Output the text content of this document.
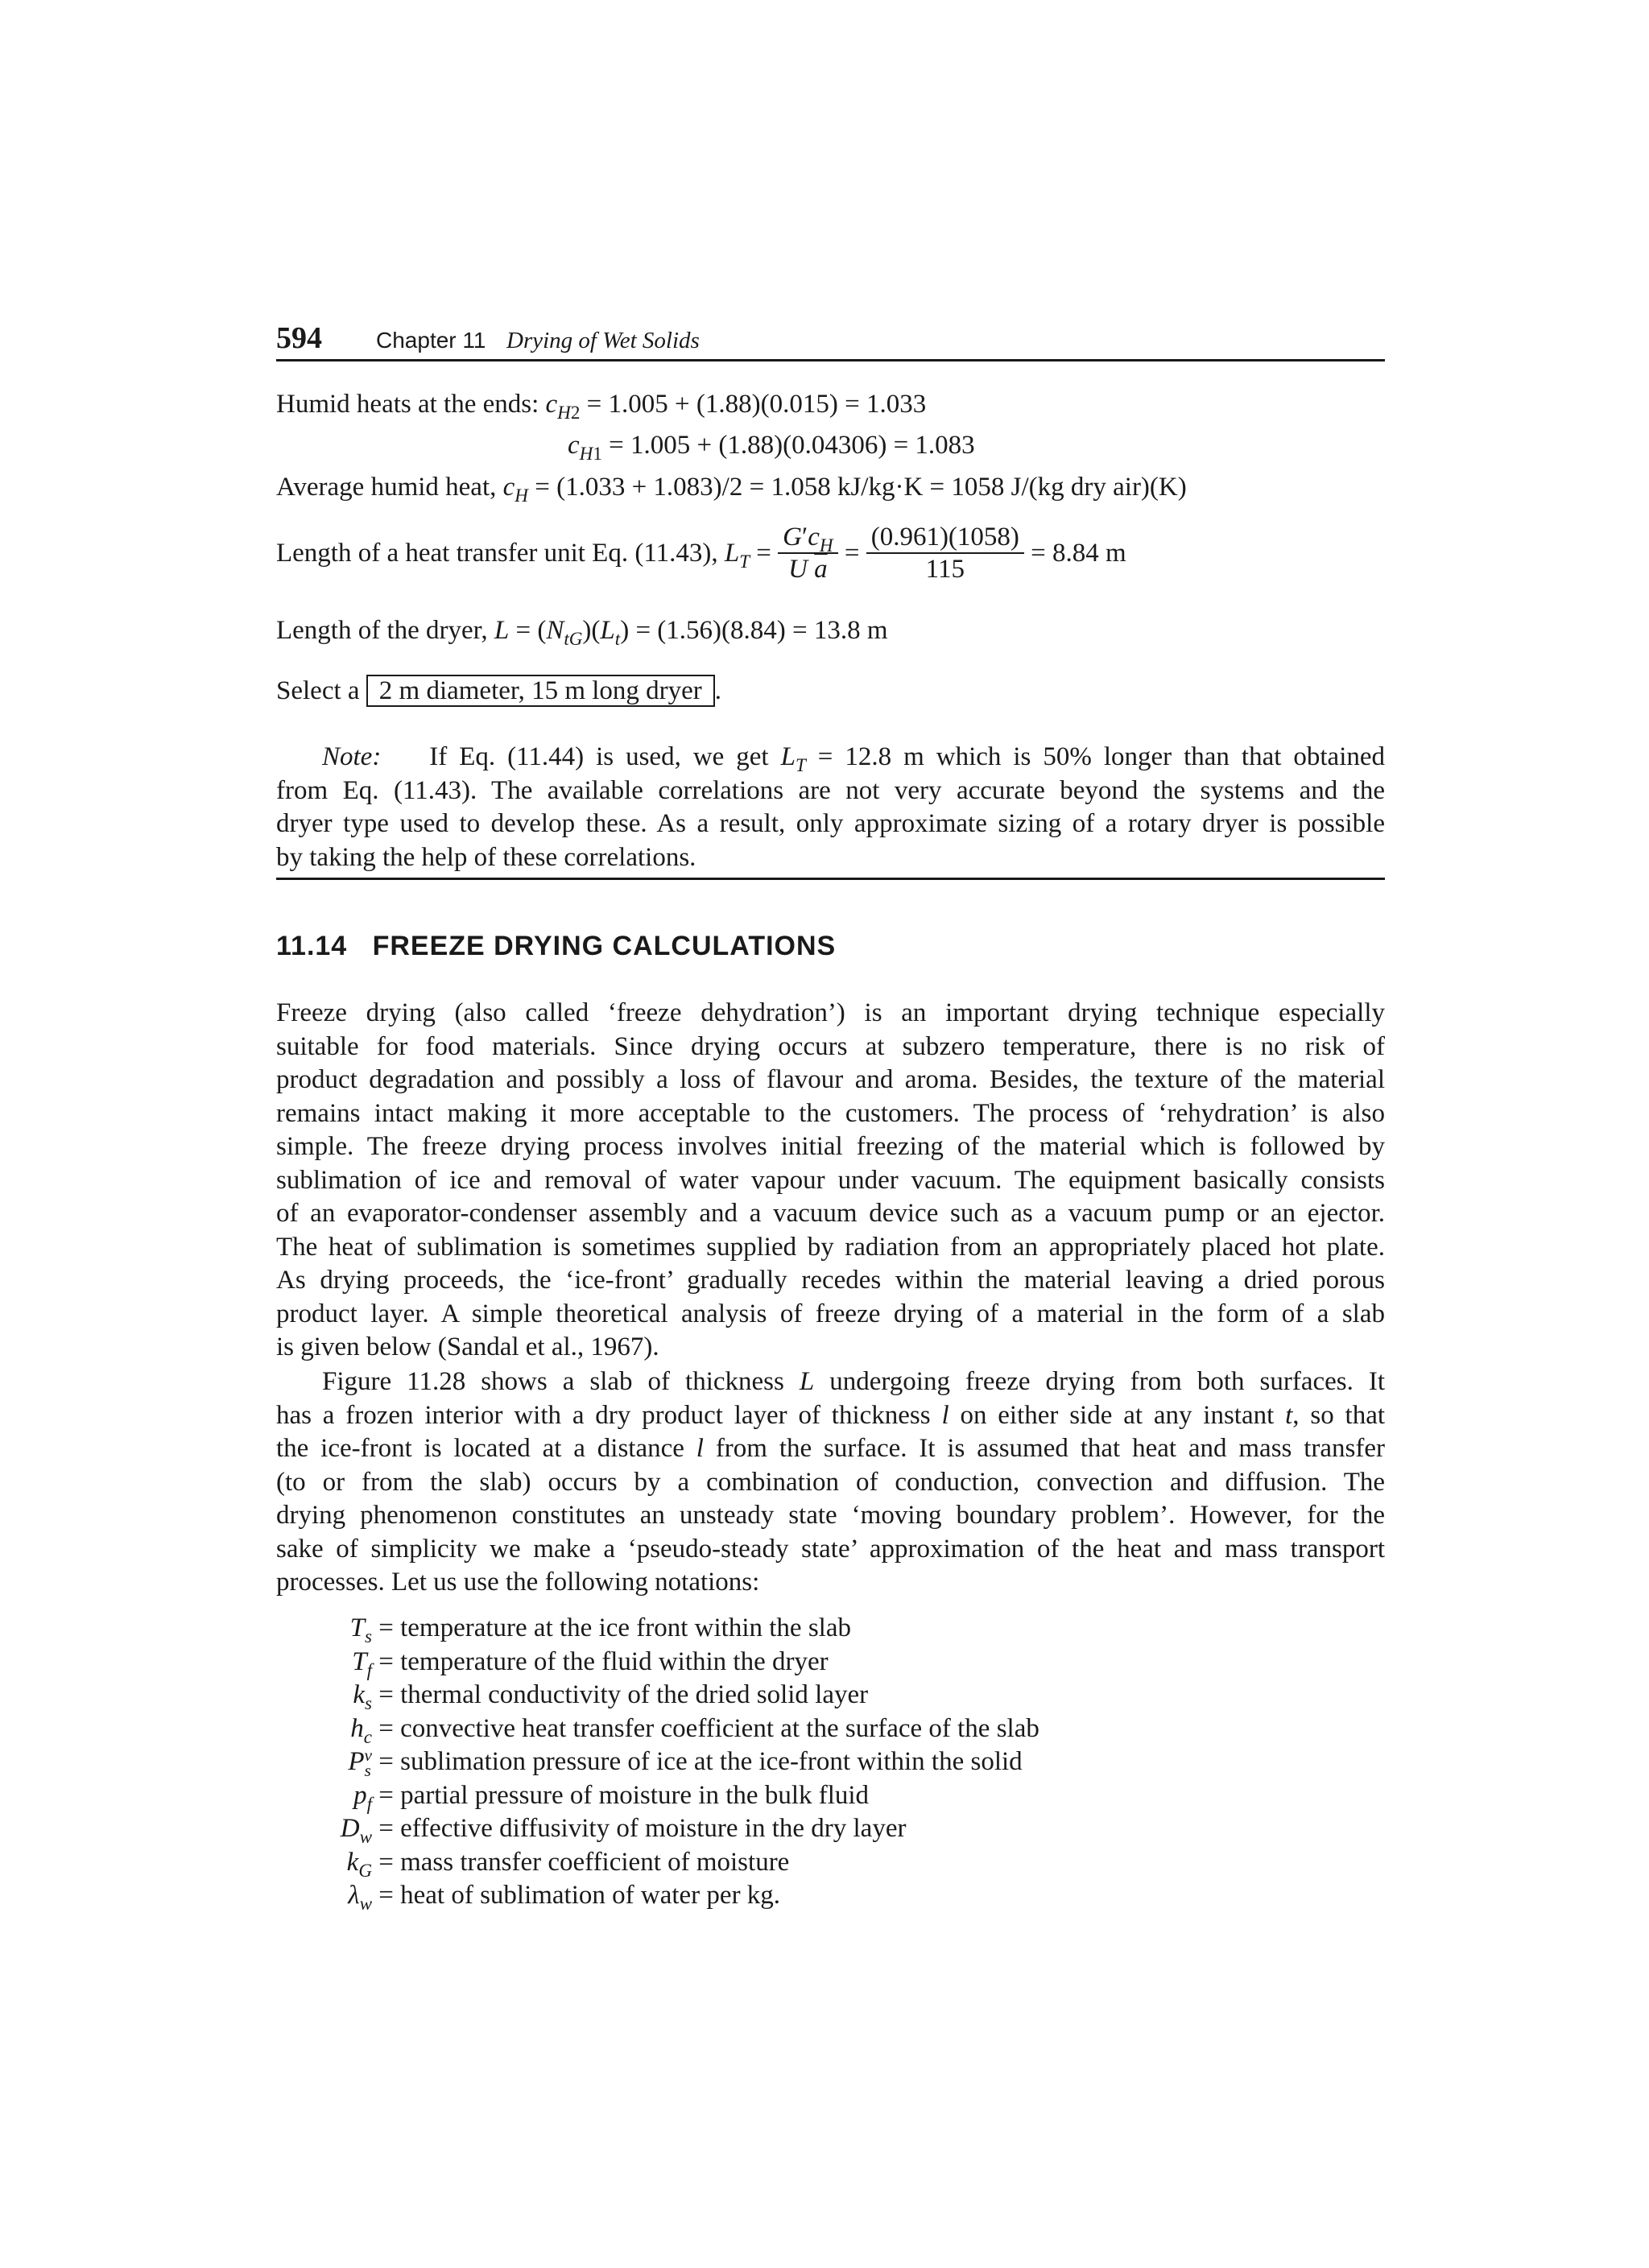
594 Chapter 11 Drying of Wet Solids
Humid heats at the ends: $c_{H2} = 1.005 + (1.88)(0.015) = 1.033$
$c_{H1} = 1.005 + (1.88)(0.04306) = 1.083$
Average humid heat, $c_H = (1.033 + 1.083)/2 = 1.058$ kJ/kg·K = 1058 J/(kg dry air)(K)
Length of a heat transfer unit Eq. (11.43), $L_T = \frac{G'c_H}{U \overline{a}} = \frac{(0.961)(1058)}{115} = 8.84$ m
Length of the dryer, $L = (N_{tG})(L_t) = (1.56)(8.84) = 13.8$ m
Select a 2 m diameter, 15 m long dryer .
Note: If Eq. (11.44) is used, we get $L_T = 12.8$ m which is 50% longer than that obtained
from Eq. (11.43). The available correlations are not very accurate beyond the systems and the
dryer type used to develop these. As a result, only approximate sizing of a rotary dryer is possible
by taking the help of these correlations.
11.14 FREEZE DRYING CALCULATIONS
Freeze drying (also called ‘freeze dehydration’) is an important drying technique especially
suitable for food materials. Since drying occurs at subzero temperature, there is no risk of
product degradation and possibly a loss of flavour and aroma. Besides, the texture of the material
remains intact making it more acceptable to the customers. The process of ‘rehydration’ is also
simple. The freeze drying process involves initial freezing of the material which is followed by
sublimation of ice and removal of water vapour under vacuum. The equipment basically consists
of an evaporator-condenser assembly and a vacuum device such as a vacuum pump or an ejector.
The heat of sublimation is sometimes supplied by radiation from an appropriately placed hot plate.
As drying proceeds, the ‘ice-front’ gradually recedes within the material leaving a dried porous
product layer. A simple theoretical analysis of freeze drying of a material in the form of a slab
is given below (Sandal et al., 1967).
Figure 11.28 shows a slab of thickness L undergoing freeze drying from both surfaces. It
has a frozen interior with a dry product layer of thickness l on either side at any instant t, so that
the ice-front is located at a distance l from the surface. It is assumed that heat and mass transfer
(to or from the slab) occurs by a combination of conduction, convection and diffusion. The
drying phenomenon constitutes an unsteady state ‘moving boundary problem’. However, for the
sake of simplicity we make a ‘pseudo-steady state’ approximation of the heat and mass transport
processes. Let us use the following notations:
$T_s$ = temperature at the ice front within the slab
$T_f$ = temperature of the fluid within the dryer
$k_s$ = thermal conductivity of the dried solid layer
$h_c$ = convective heat transfer coefficient at the surface of the slab
Pv
s = sublimation pressure of ice at the ice-front within the solid
$p_f$ = partial pressure of moisture in the bulk fluid
$D_w$ = effective diffusivity of moisture in the dry layer
$k_G$ = mass transfer coefficient of moisture
$\lambda_w$ = heat of sublimation of water per kg.
